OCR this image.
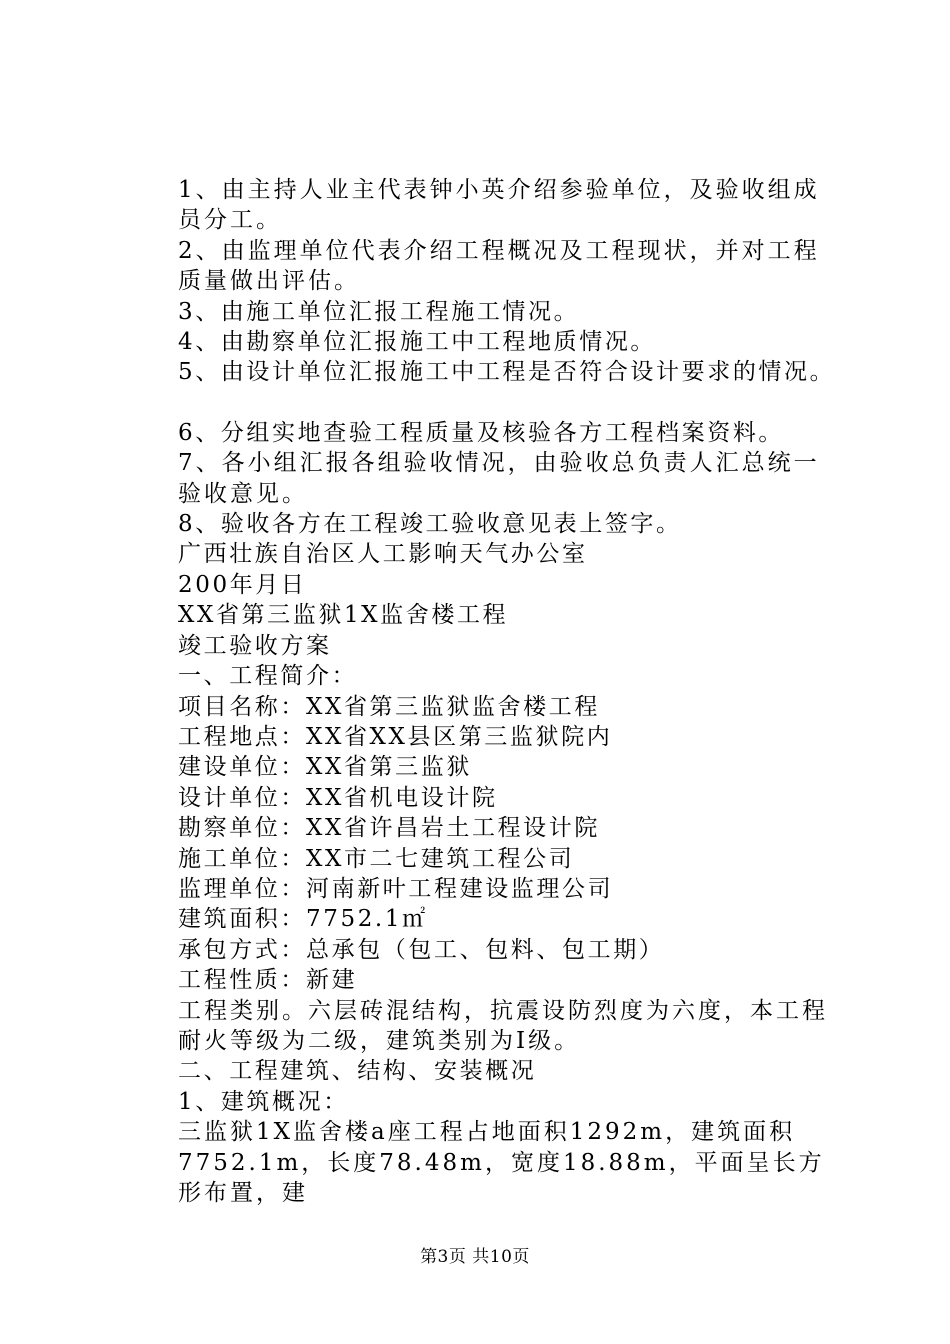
1、由主持人业主代表钟小英介绍参验单位，及验收组成员分工。

2、由监理单位代表介绍工程概况及工程现状，并对工程质量做出评估。

3、由施工单位汇报工程施工情况。

4、由勘察单位汇报施工中工程地质情况。

5、由设计单位汇报施工中工程是否符合设计要求的情况。

6、分组实地查验工程质量及核验各方工程档案资料。

7、各小组汇报各组验收情况，由验收总负责人汇总统一验收意见。

8、验收各方在工程竣工验收意见表上签字。

广西壮族自治区人工影响天气办公室

200年月日

XX省第三监狱1X监舍楼工程

竣工验收方案

一、工程简介：

项目名称：XX省第三监狱监舍楼工程

工程地点：XX省XX县区第三监狱院内

建设单位：XX省第三监狱

设计单位：XX省机电设计院

勘察单位：XX省许昌岩土工程设计院

施工单位：XX市二七建筑工程公司

监理单位：河南新叶工程建设监理公司

建筑面积：7752.1㎡

承包方式：总承包（包工、包料、包工期）

工程性质：新建

工程类别。六层砖混结构，抗震设防烈度为六度，本工程耐火等级为二级，建筑类别为Ⅰ级。

二、工程建筑、结构、安装概况

1、建筑概况：

三监狱1X监舍楼a座工程占地面积1292m，建筑面积7752.1m，长度78.48m，宽度18.88m，平面呈长方形布置，建

第3页 共10页
